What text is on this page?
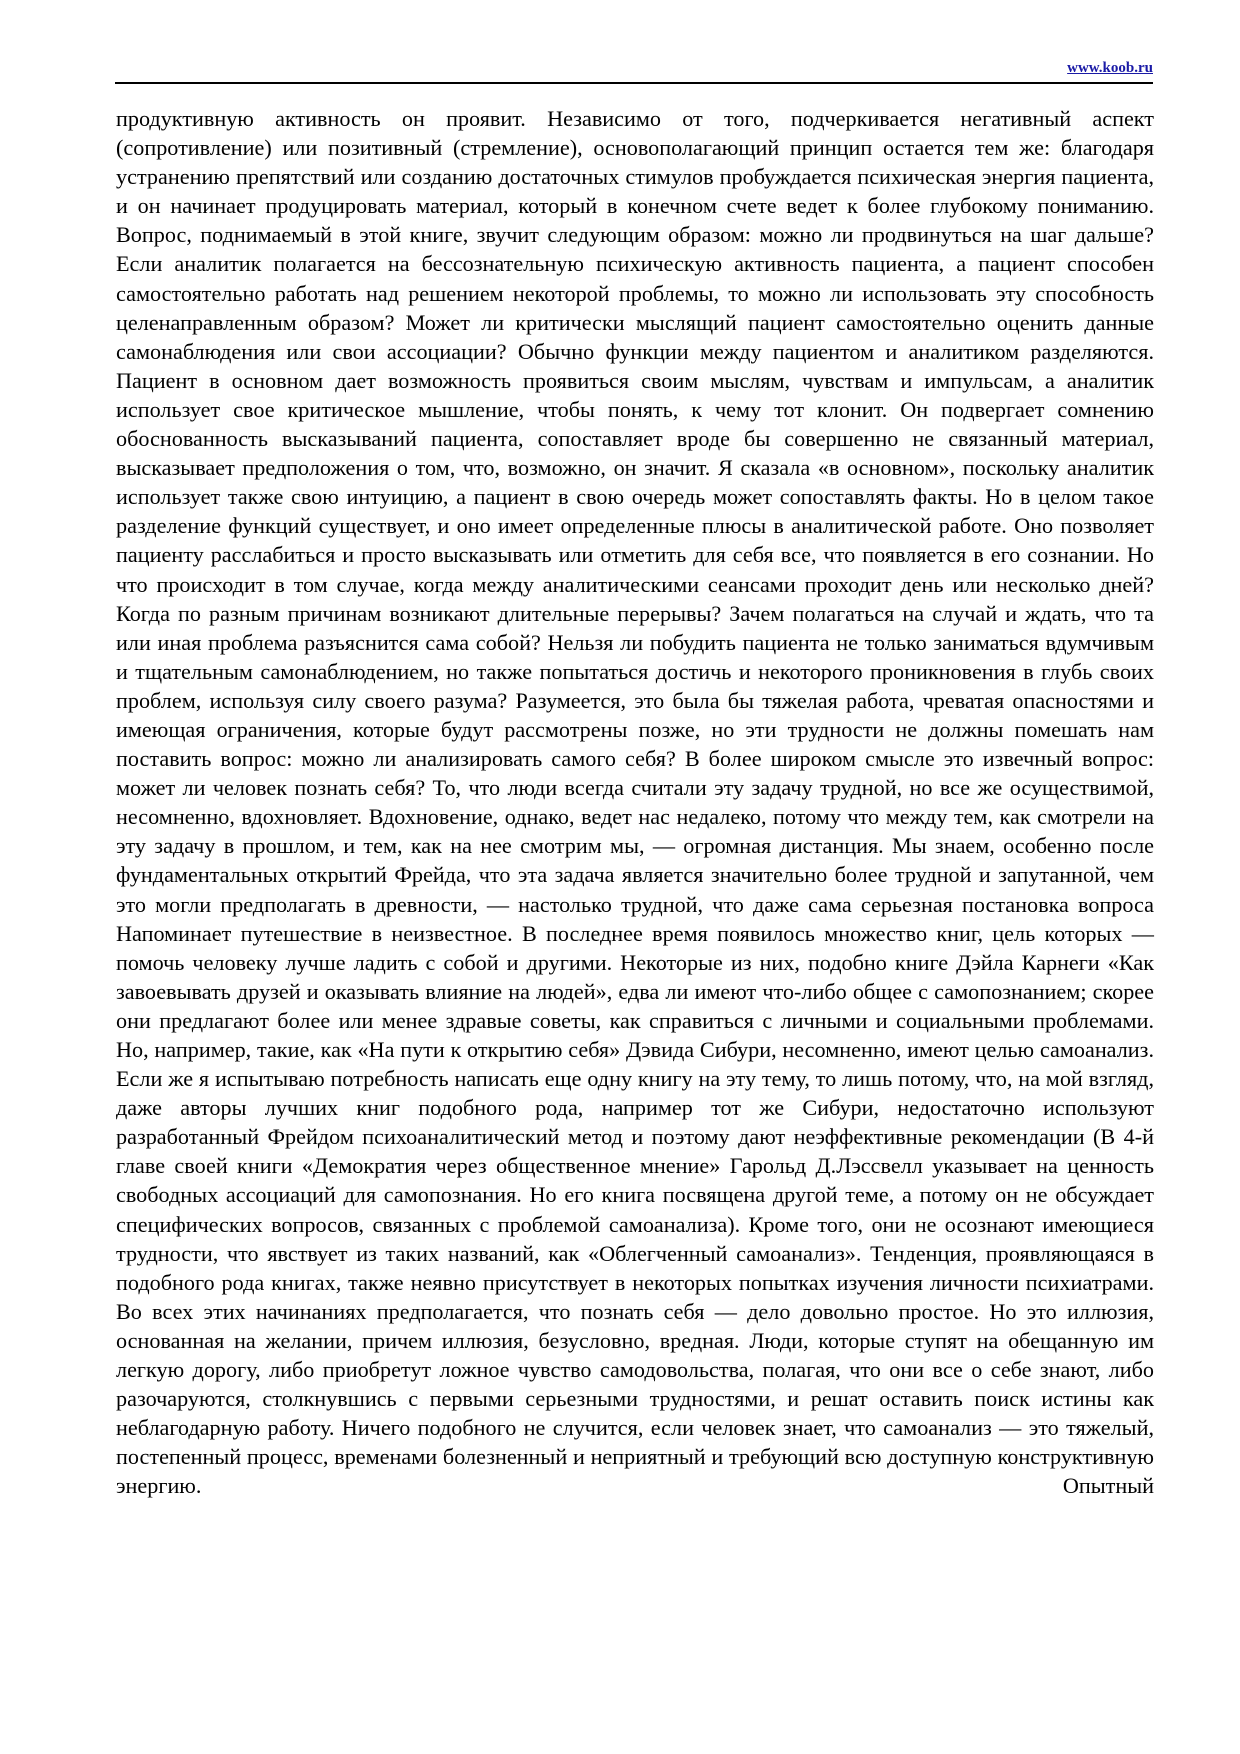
www.koob.ru

продуктивную активность он проявит. Независимо от того, подчеркивается негативный аспект (сопротивление) или позитивный (стремление), основополагающий принцип остается тем же: благодаря устранению препятствий или созданию достаточных стимулов пробуждается психическая энергия пациента, и он начинает продуцировать материал, который в конечном счете ведет к более глубокому пониманию. Вопрос, поднимаемый в этой книге, звучит следующим образом: можно ли продвинуться на шаг дальше? Если аналитик полагается на бессознательную психическую активность пациента, а пациент способен самостоятельно работать над решением некоторой проблемы, то можно ли использовать эту способность целенаправленным образом? Может ли критически мыслящий пациент самостоятельно оценить данные самонаблюдения или свои ассоциации? Обычно функции между пациентом и аналитиком разделяются. Пациент в основном дает возможность проявиться своим мыслям, чувствам и импульсам, а аналитик использует свое критическое мышление, чтобы понять, к чему тот клонит. Он подвергает сомнению обоснованность высказываний пациента, сопоставляет вроде бы совершенно не связанный материал, высказывает предположения о том, что, возможно, он значит. Я сказала «в основном», поскольку аналитик использует также свою интуицию, а пациент в свою очередь может сопоставлять факты. Но в целом такое разделение функций существует, и оно имеет определенные плюсы в аналитической работе. Оно позволяет пациенту расслабиться и просто высказывать или отметить для себя все, что появляется в его сознании. Но что происходит в том случае, когда между аналитическими сеансами проходит день или несколько дней? Когда по разным причинам возникают длительные перерывы? Зачем полагаться на случай и ждать, что та или иная проблема разъяснится сама собой? Нельзя ли побудить пациента не только заниматься вдумчивым и тщательным самонаблюдением, но также попытаться достичь и некоторого проникновения в глубь своих проблем, используя силу своего разума? Разумеется, это была бы тяжелая работа, чреватая опасностями и имеющая ограничения, которые будут рассмотрены позже, но эти трудности не должны помешать нам поставить вопрос: можно ли анализировать самого себя? В более широком смысле это извечный вопрос: может ли человек познать себя? То, что люди всегда считали эту задачу трудной, но все же осуществимой, несомненно, вдохновляет. Вдохновение, однако, ведет нас недалеко, потому что между тем, как смотрели на эту задачу в прошлом, и тем, как на нее смотрим мы, — огромная дистанция. Мы знаем, особенно после фундаментальных открытий Фрейда, что эта задача является значительно более трудной и запутанной, чем это могли предполагать в древности, — настолько трудной, что даже сама серьезная постановка вопроса Напоминает путешествие в неизвестное. В последнее время появилось множество книг, цель которых — помочь человеку лучше ладить с собой и другими. Некоторые из них, подобно книге Дэйла Карнеги «Как завоевывать друзей и оказывать влияние на людей», едва ли имеют что-либо общее с самопознанием; скорее они предлагают более или менее здравые советы, как справиться с личными и социальными проблемами. Но, например, такие, как «На пути к открытию себя» Дэвида Сибури, несомненно, имеют целью самоанализ. Если же я испытываю потребность написать еще одну книгу на эту тему, то лишь потому, что, на мой взгляд, даже авторы лучших книг подобного рода, например тот же Сибури, недостаточно используют разработанный Фрейдом психоаналитический метод и поэтому дают неэффективные рекомендации (В 4-й главе своей книги «Демократия через общественное мнение» Гарольд Д.Лэссвелл указывает на ценность свободных ассоциаций для самопознания. Но его книга посвящена другой теме, а потому он не обсуждает специфических вопросов, связанных с проблемой самоанализа). Кроме того, они не осознают имеющиеся трудности, что явствует из таких названий, как «Облегченный самоанализ». Тенденция, проявляющаяся в подобного рода книгах, также неявно присутствует в некоторых попытках изучения личности психиатрами. Во всех этих начинаниях предполагается, что познать себя — дело довольно простое. Но это иллюзия, основанная на желании, причем иллюзия, безусловно, вредная. Люди, которые ступят на обещанную им легкую дорогу, либо приобретут ложное чувство самодовольства, полагая, что они все о себе знают, либо разочаруются, столкнувшись с первыми серьезными трудностями, и решат оставить поиск истины как неблагодарную работу. Ничего подобного не случится, если человек знает, что самоанализ — это тяжелый, постепенный процесс, временами болезненный и неприятный и требующий всю доступную конструктивную энергию. Опытный
